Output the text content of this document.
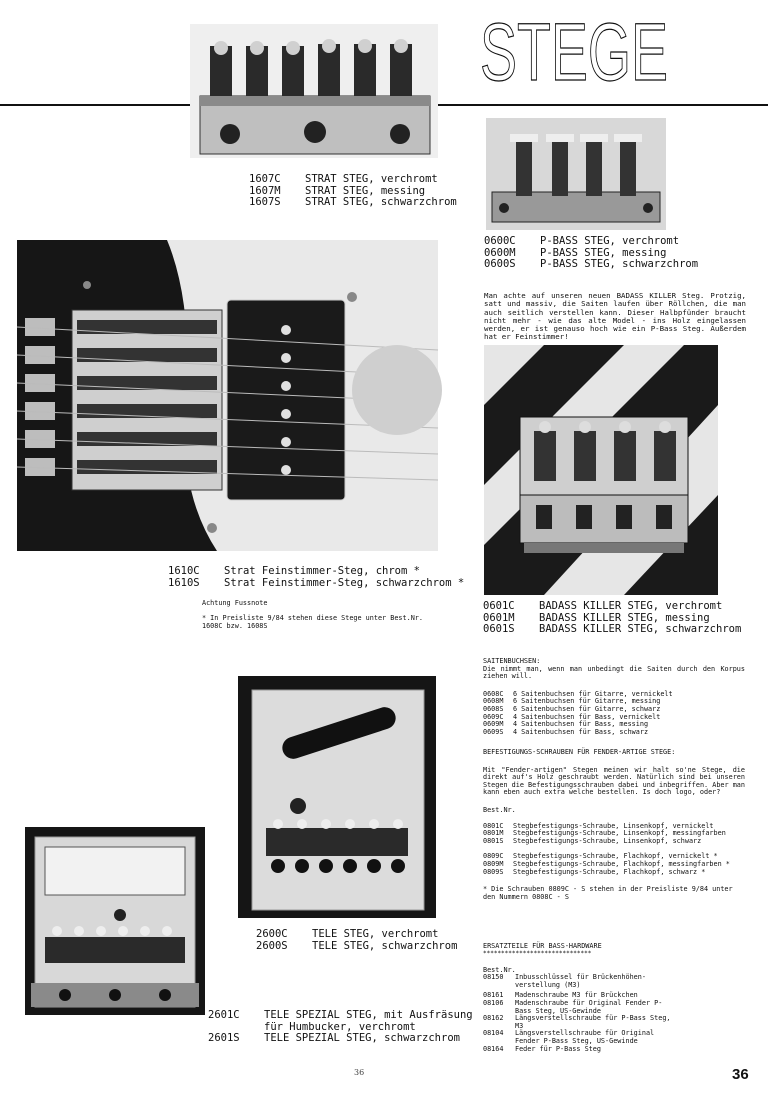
STEGE
1607C	STRAT STEG, verchromt
1607M	STRAT STEG, messing
1607S	STRAT STEG, schwarzchrom
0600C	P-BASS STEG, verchromt
0600M	P-BASS STEG, messing
0600S	P-BASS STEG, schwarzchrom
Man achte auf unseren neuen BADASS KILLER Steg. Protzig, satt und massiv, die Saiten laufen über Röllchen, die man auch seitlich verstellen kann. Dieser Halbpfünder braucht nicht mehr - wie das alte Model - ins Holz eingelassen werden, er ist genauso hoch wie ein P-Bass Steg. Außerdem hat er Feinstimmer!
0601C	BADASS KILLER STEG, verchromt
0601M	BADASS KILLER STEG, messing
0601S	BADASS KILLER STEG, schwarzchrom
1610C	Strat Feinstimmer-Steg, chrom *
1610S	Strat Feinstimmer-Steg, schwarzchrom *
Achtung Fussnote
* In Preisliste 9/84 stehen diese Stege unter Best.Nr.
1608C bzw. 1608S
2600C	TELE STEG, verchromt
2600S	TELE STEG, schwarzchrom
2601C	TELE SPEZIAL STEG, mit Ausfräsung für Humbucker, verchromt
2601S	TELE SPEZIAL STEG, schwarzchrom
SAITENBUCHSEN:
Die nimmt man, wenn man unbedingt die Saiten durch den Korpus ziehen will.
0608C	6 Saitenbuchsen für Gitarre, vernickelt
0608M	6 Saitenbuchsen für Gitarre, messing
0608S	6 Saitenbuchsen für Gitarre, schwarz
0609C	4 Saitenbuchsen für Bass, vernickelt
0609M	4 Saitenbuchsen für Bass, messing
0609S	4 Saitenbuchsen für Bass, schwarz
BEFESTIGUNGS-SCHRAUBEN FÜR FENDER-ARTIGE STEGE:
Mit "Fender-artigen" Stegen meinen wir halt so'ne Stege, die direkt auf's Holz geschraubt werden. Natürlich sind bei unseren Stegen die Befestigungsschrauben dabei und inbegriffen. Aber man kann eben auch extra welche bestellen. Is doch logo, oder?
Best.Nr.
0801C	Stegbefestigungs-Schraube, Linsenkopf, vernickelt
0801M	Stegbefestigungs-Schraube, Linsenkopf, messingfarben
0801S	Stegbefestigungs-Schraube, Linsenkopf, schwarz
0809C	Stegbefestigungs-Schraube, Flachkopf, vernickelt *
0809M	Stegbefestigungs-Schraube, Flachkopf, messingfarben *
0809S	Stegbefestigungs-Schraube, Flachkopf, schwarz *
* Die Schrauben 0809C - S stehen in der Preisliste 9/84 unter den Nummern 0808C - S
ERSATZTEILE FÜR BASS-HARDWARE
******************************
Best.Nr.
08150	Inbusschlüssel für Brückenhöhen-verstellung (M3)
08161	Madenschraube M3 für Brückchen
08106	Madenschraube für Original Fender P-Bass Steg, US-Gewinde
08162	Längsverstellschraube für P-Bass Steg, M3
08104	Längsverstellschraube für Original Fender P-Bass Steg, US-Gewinde
08164	Feder für P-Bass Steg
36	36
